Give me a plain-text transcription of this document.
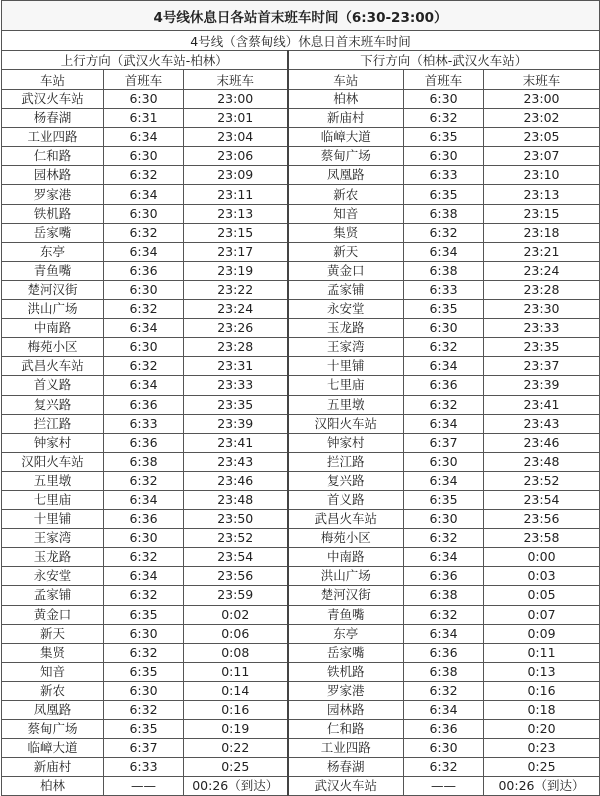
4号线休息日各站首末班车时间（6:30-23:00）					
4号线（含蔡甸线）休息日首末班车时间					
上行方向（武汉火车站-柏林）			下行方向（柏林-武汉火车站）		
车站	首班车	末班车	车站	首班车	末班车
武汉火车站	6:30	23:00	柏林	6:30	23:00
杨春湖	6:31	23:01	新庙村	6:32	23:02
工业四路	6:34	23:04	临嶂大道	6:35	23:05
仁和路	6:30	23:06	蔡甸广场	6:30	23:07
园林路	6:32	23:09	凤凰路	6:33	23:10
罗家港	6:34	23:11	新农	6:35	23:13
铁机路	6:30	23:13	知音	6:38	23:15
岳家嘴	6:32	23:15	集贤	6:32	23:18
东亭	6:34	23:17	新天	6:34	23:21
青鱼嘴	6:36	23:19	黄金口	6:38	23:24
楚河汉街	6:30	23:22	孟家铺	6:33	23:28
洪山广场	6:32	23:24	永安堂	6:35	23:30
中南路	6:34	23:26	玉龙路	6:30	23:33
梅苑小区	6:30	23:28	王家湾	6:32	23:35
武昌火车站	6:32	23:31	十里铺	6:34	23:37
首义路	6:34	23:33	七里庙	6:36	23:39
复兴路	6:36	23:35	五里墩	6:32	23:41
拦江路	6:33	23:39	汉阳火车站	6:34	23:43
钟家村	6:36	23:41	钟家村	6:37	23:46
汉阳火车站	6:38	23:43	拦江路	6:30	23:48
五里墩	6:32	23:46	复兴路	6:34	23:52
七里庙	6:34	23:48	首义路	6:35	23:54
十里铺	6:36	23:50	武昌火车站	6:30	23:56
王家湾	6:30	23:52	梅苑小区	6:32	23:58
玉龙路	6:32	23:54	中南路	6:34	0:00
永安堂	6:34	23:56	洪山广场	6:36	0:03
孟家铺	6:32	23:59	楚河汉街	6:38	0:05
黄金口	6:35	0:02	青鱼嘴	6:32	0:07
新天	6:30	0:06	东亭	6:34	0:09
集贤	6:32	0:08	岳家嘴	6:36	0:11
知音	6:35	0:11	铁机路	6:38	0:13
新农	6:30	0:14	罗家港	6:32	0:16
凤凰路	6:32	0:16	园林路	6:34	0:18
蔡甸广场	6:35	0:19	仁和路	6:36	0:20
临嶂大道	6:37	0:22	工业四路	6:30	0:23
新庙村	6:33	0:25	杨春湖	6:32	0:25
柏林	——	00:26（到达）	武汉火车站	——	00:26（到达）
